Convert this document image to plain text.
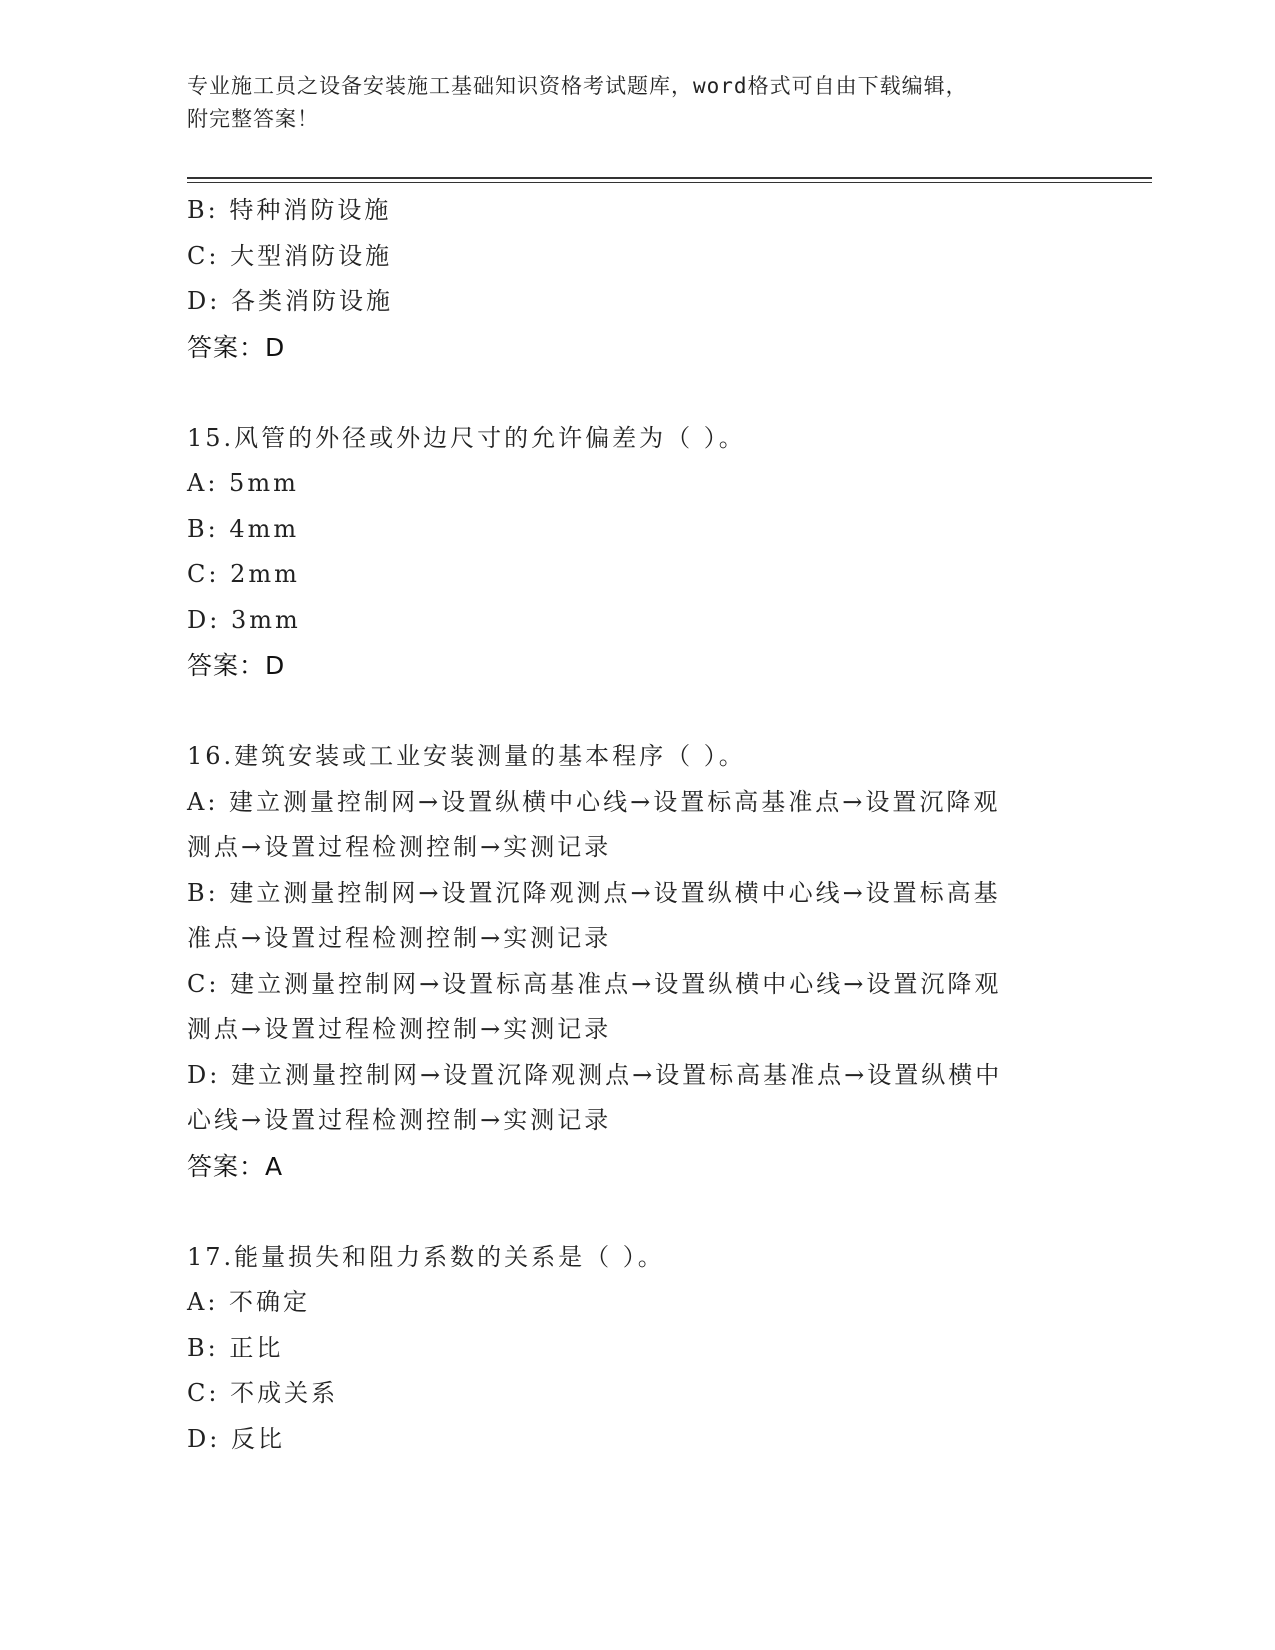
专业施工员之设备安装施工基础知识资格考试题库，word格式可自由下载编辑，
附完整答案！
B: 特种消防设施
C: 大型消防设施
D: 各类消防设施
答案：D
15.风管的外径或外边尺寸的允许偏差为（ ）。
A: 5mm
B: 4mm
C: 2mm
D: 3mm
答案：D
16.建筑安装或工业安装测量的基本程序（ ）。
A: 建立测量控制网→设置纵横中心线→设置标高基准点→设置沉降观
测点→设置过程检测控制→实测记录
B: 建立测量控制网→设置沉降观测点→设置纵横中心线→设置标高基
准点→设置过程检测控制→实测记录
C: 建立测量控制网→设置标高基准点→设置纵横中心线→设置沉降观
测点→设置过程检测控制→实测记录
D: 建立测量控制网→设置沉降观测点→设置标高基准点→设置纵横中
心线→设置过程检测控制→实测记录
答案：A
17.能量损失和阻力系数的关系是（ ）。
A: 不确定
B: 正比
C: 不成关系
D: 反比
